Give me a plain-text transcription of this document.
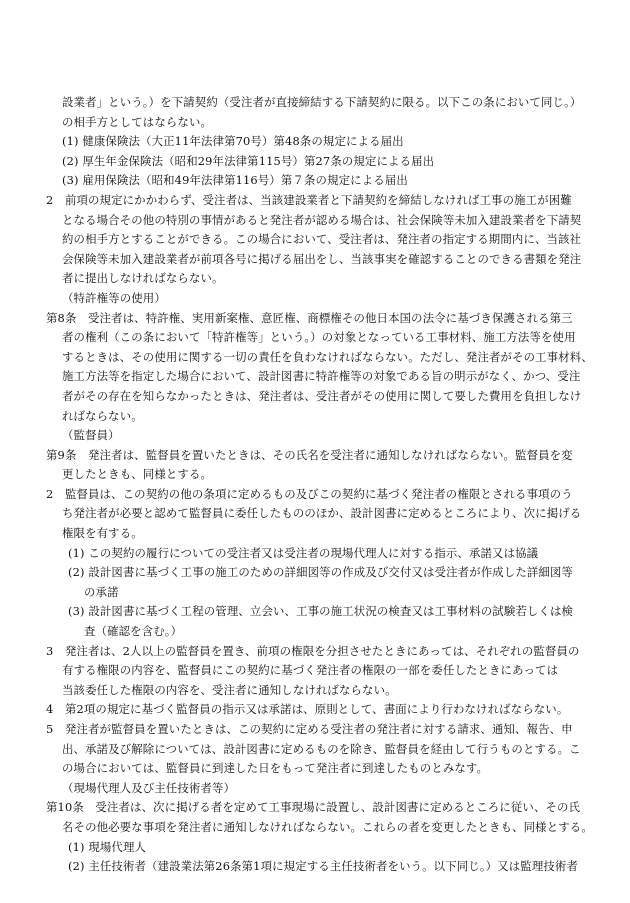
設業者」という。）を下請契約（受注者が直接締結する下請契約に限る。以下この条において同じ。）
の相手方としてはならない。
(1) 健康保険法（大正11年法律第70号）第48条の規定による届出
(2) 厚生年金保険法（昭和29年法律第115号）第27条の規定による届出
(3) 雇用保険法（昭和49年法律第116号）第７条の規定による届出
2　前項の規定にかかわらず、受注者は、当該建設業者と下請契約を締結しなければ工事の施工が困難
となる場合その他の特別の事情があると発注者が認める場合は、社会保険等未加入建設業者を下請契
約の相手方とすることができる。この場合において、受注者は、発注者の指定する期間内に、当該社
会保険等未加入建設業者が前項各号に掲げる届出をし、当該事実を確認することのできる書類を発注
者に提出しなければならない。
（特許権等の使用）
第8条　受注者は、特許権、実用新案権、意匠権、商標権その他日本国の法令に基づき保護される第三
者の権利（この条において「特許権等」という。）の対象となっている工事材料、施工方法等を使用
するときは、その使用に関する一切の責任を負わなければならない。ただし、発注者がその工事材料、
施工方法等を指定した場合において、設計図書に特許権等の対象である旨の明示がなく、かつ、受注
者がその存在を知らなかったときは、発注者は、受注者がその使用に関して要した費用を負担しなけ
ればならない。
（監督員）
第9条　発注者は、監督員を置いたときは、その氏名を受注者に通知しなければならない。監督員を変
更したときも、同様とする。
2　監督員は、この契約の他の条項に定めるもの及びこの契約に基づく発注者の権限とされる事項のう
ち発注者が必要と認めて監督員に委任したもののほか、設計図書に定めるところにより、次に掲げる
権限を有する。
(1) この契約の履行についての受注者又は受注者の現場代理人に対する指示、承諾又は協議
(2) 設計図書に基づく工事の施工のための詳細図等の作成及び交付又は受注者が作成した詳細図等
の承諾
(3) 設計図書に基づく工程の管理、立会い、工事の施工状況の検査又は工事材料の試験若しくは検
査（確認を含む。）
3　発注者は、2人以上の監督員を置き、前項の権限を分担させたときにあっては、それぞれの監督員の
有する権限の内容を、監督員にこの契約に基づく発注者の権限の一部を委任したときにあっては
当該委任した権限の内容を、受注者に通知しなければならない。
4　第2項の規定に基づく監督員の指示又は承諾は、原則として、書面により行わなければならない。
5　発注者が監督員を置いたときは、この契約に定める受注者の発注者に対する請求、通知、報告、申
出、承諾及び解除については、設計図書に定めるものを除き、監督員を経由して行うものとする。こ
の場合においては、監督員に到達した日をもって発注者に到達したものとみなす。
（現場代理人及び主任技術者等）
第10条　受注者は、次に掲げる者を定めて工事現場に設置し、設計図書に定めるところに従い、その氏
名その他必要な事項を発注者に通知しなければならない。これらの者を変更したときも、同様とする。
(1) 現場代理人
(2) 主任技術者（建設業法第26条第1項に規定する主任技術者をいう。以下同じ。）又は監理技術者
